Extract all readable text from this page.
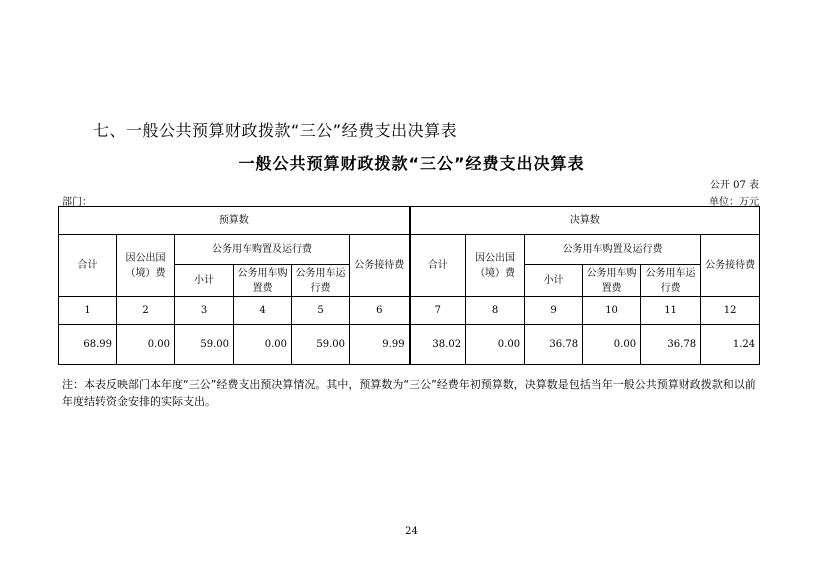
七、一般公共预算财政拨款“三公”经费支出决算表
一般公共预算财政拨款“三公”经费支出决算表
公开 07 表
部门：	单位：万元
预算数						决算数					
合计	因公出国（境）费	公务用车购置及运行费			公务接待费	合计	因公出国（境）费	公务用车购置及运行费			公务接待费
		小计	公务用车购置费	公务用车运行费				小计	公务用车购置费	公务用车运行费	
1	2	3	4	5	6	7	8	9	10	11	12
68.99	0.00	59.00	0.00	59.00	9.99	38.02	0.00	36.78	0.00	36.78	1.24
注：本表反映部门本年度“三公”经费支出预决算情况。其中，预算数为“三公”经费年初预算数，决算数是包括当年一般公共预算财政拨款和以前年度结转资金安排的实际支出。
24
